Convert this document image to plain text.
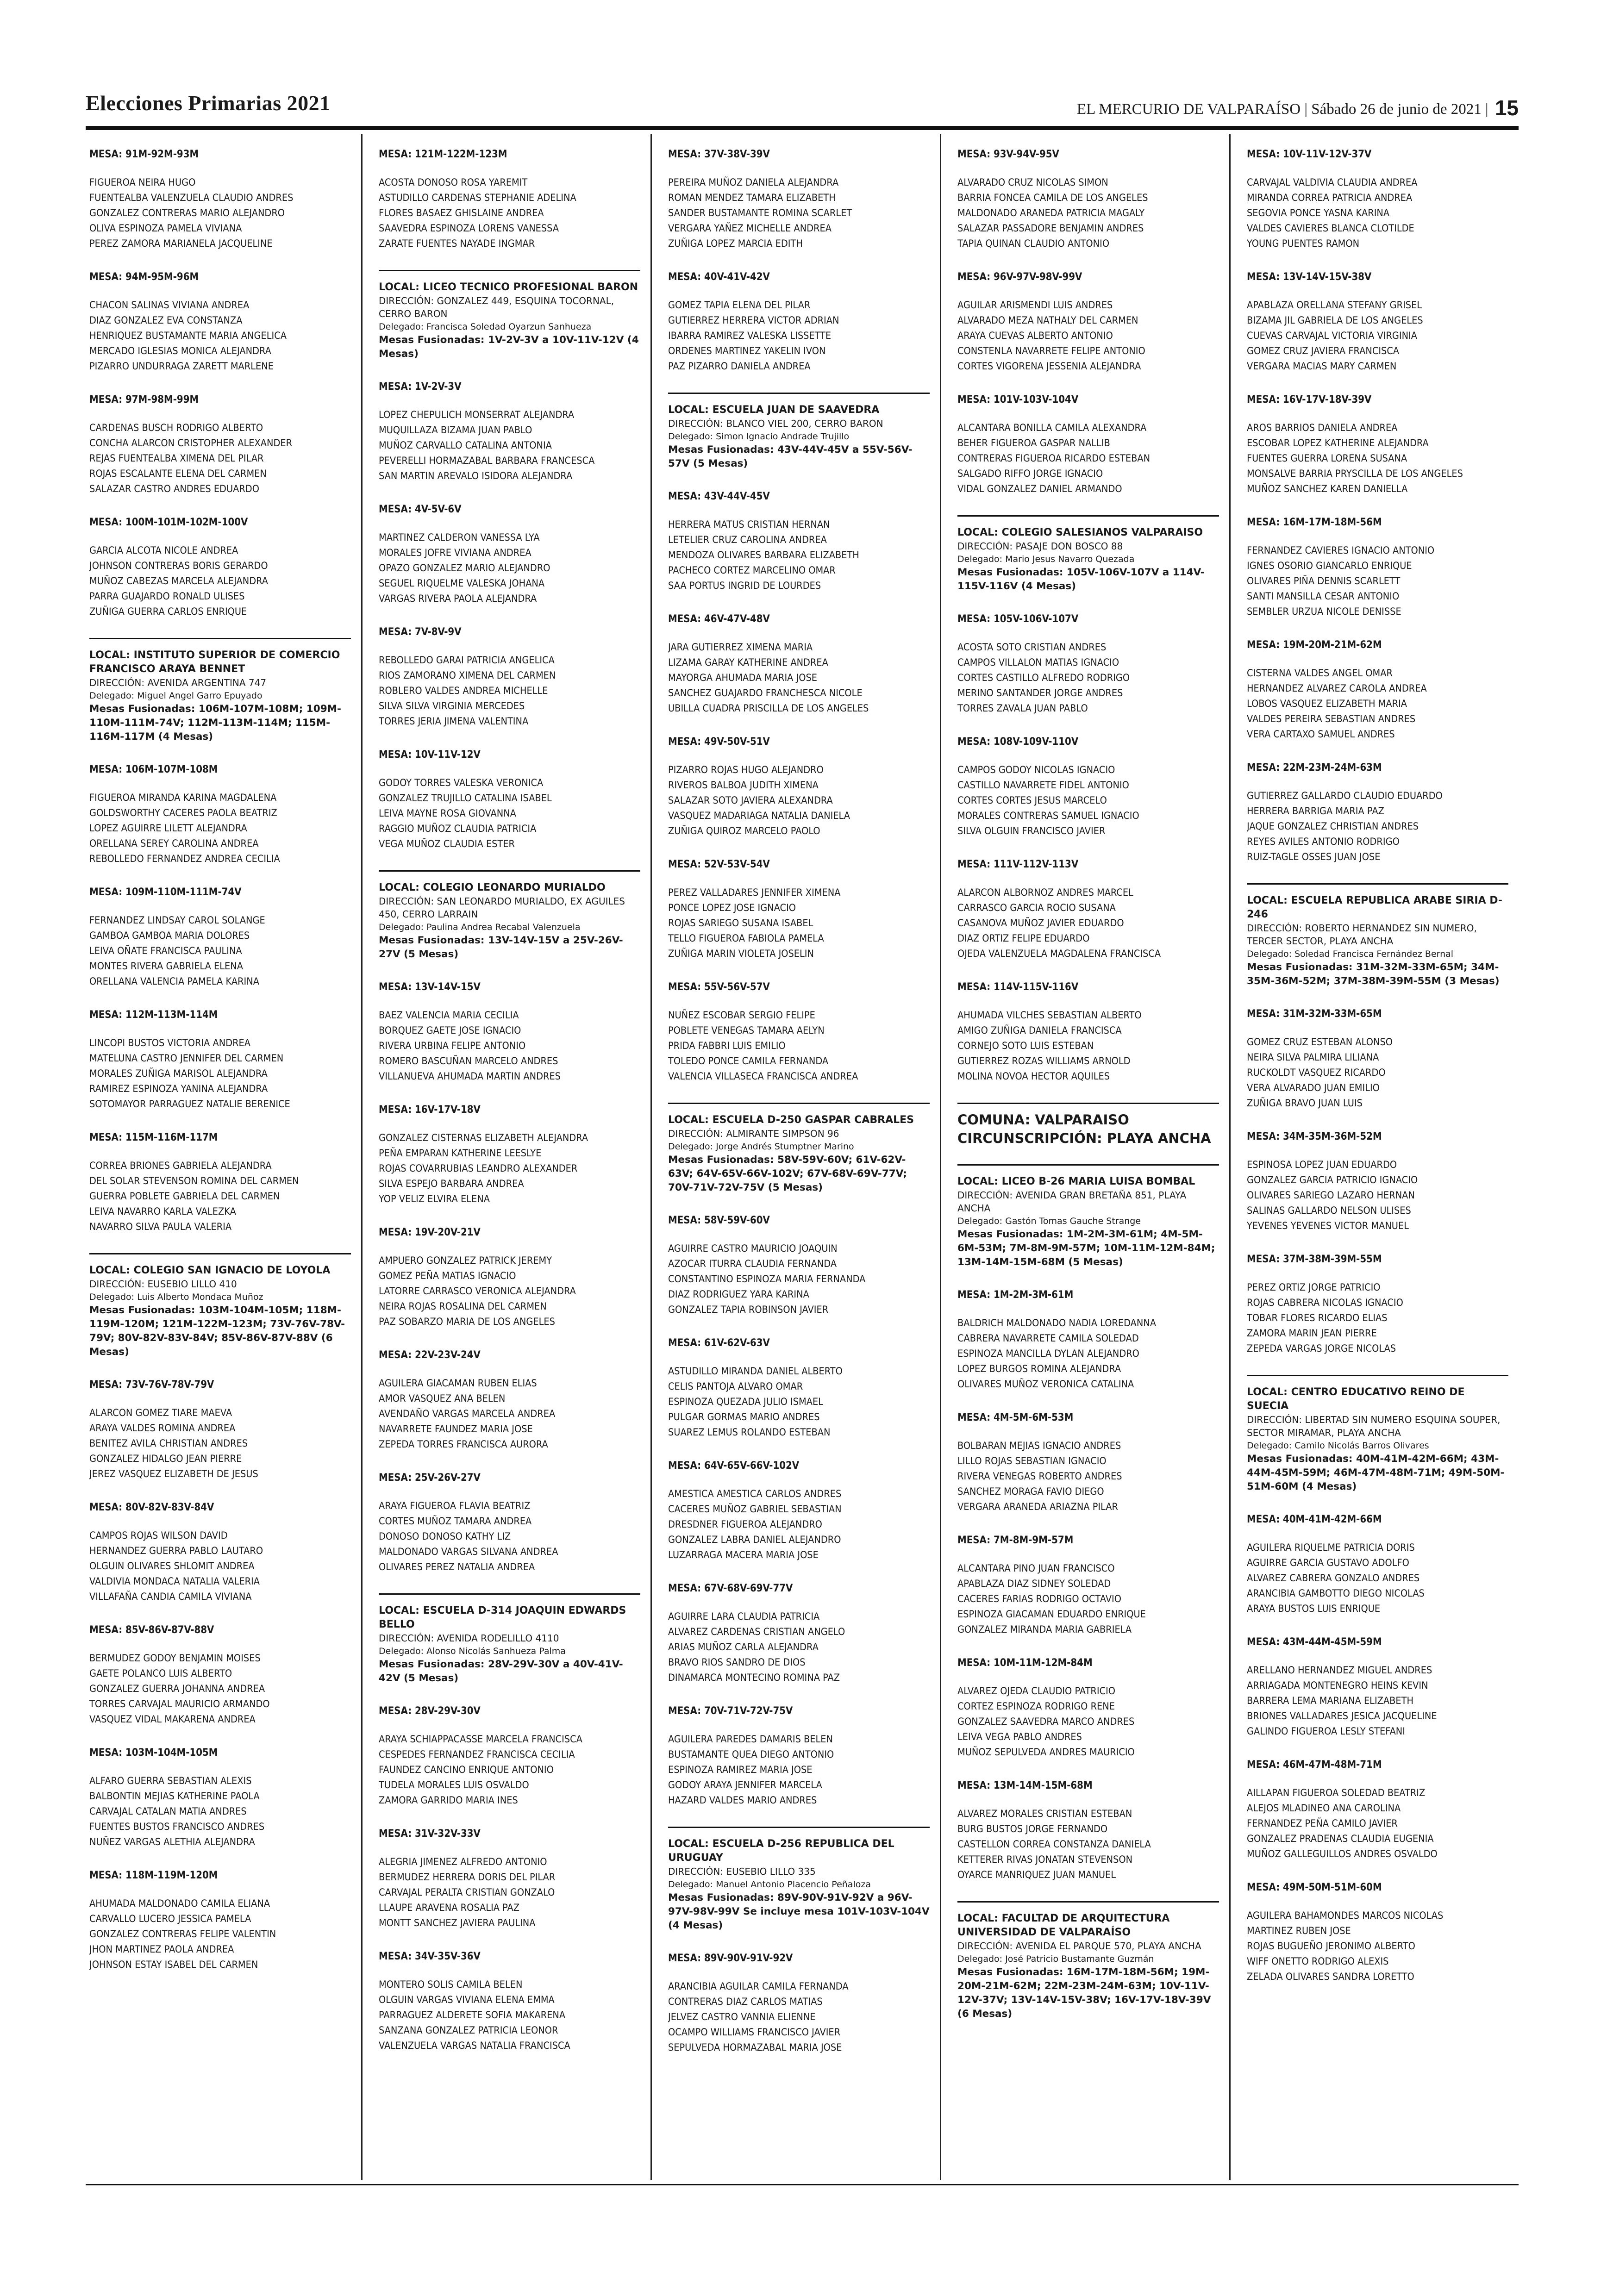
Elecciones Primarias 2021	EL MERCURIO DE VALPARAÍSO | Sábado 26 de junio de 2021 | 15
MESA: 91M-92M-93M
FIGUEROA NEIRA HUGO
FUENTEALBA VALENZUELA CLAUDIO ANDRES
GONZALEZ CONTRERAS MARIO ALEJANDRO
OLIVA ESPINOZA PAMELA VIVIANA
PEREZ ZAMORA MARIANELA JACQUELINE
MESA: 94M-95M-96M
CHACON SALINAS VIVIANA ANDREA
DIAZ GONZALEZ EVA CONSTANZA
HENRIQUEZ BUSTAMANTE MARIA ANGELICA
MERCADO IGLESIAS MONICA ALEJANDRA
PIZARRO UNDURRAGA ZARETT MARLENE
MESA: 97M-98M-99M
CARDENAS BUSCH RODRIGO ALBERTO
CONCHA ALARCON CRISTOPHER ALEXANDER
REJAS FUENTEALBA XIMENA DEL PILAR
ROJAS ESCALANTE ELENA DEL CARMEN
SALAZAR CASTRO ANDRES EDUARDO
MESA: 100M-101M-102M-100V
GARCIA ALCOTA NICOLE ANDREA
JOHNSON CONTRERAS BORIS GERARDO
MUÑOZ CABEZAS MARCELA ALEJANDRA
PARRA GUAJARDO RONALD ULISES
ZUÑIGA GUERRA CARLOS ENRIQUE
LOCAL: INSTITUTO SUPERIOR DE COMERCIO FRANCISCO ARAYA BENNET
DIRECCIÓN: AVENIDA ARGENTINA 747
Delegado: Miguel Angel Garro Epuyado
Mesas Fusionadas: 106M-107M-108M; 109M-110M-111M-74V; 112M-113M-114M; 115M-116M-117M (4 Mesas)
MESA: 106M-107M-108M
FIGUEROA MIRANDA KARINA MAGDALENA
GOLDSWORTHY CACERES PAOLA BEATRIZ
LOPEZ AGUIRRE LILETT ALEJANDRA
ORELLANA SEREY CAROLINA ANDREA
REBOLLEDO FERNANDEZ ANDREA CECILIA
MESA: 109M-110M-111M-74V
FERNANDEZ LINDSAY CAROL SOLANGE
GAMBOA GAMBOA MARIA DOLORES
LEIVA OÑATE FRANCISCA PAULINA
MONTES RIVERA GABRIELA ELENA
ORELLANA VALENCIA PAMELA KARINA
MESA: 112M-113M-114M
LINCOPI BUSTOS VICTORIA ANDREA
MATELUNA CASTRO JENNIFER DEL CARMEN
MORALES ZUÑIGA MARISOL ALEJANDRA
RAMIREZ ESPINOZA YANINA ALEJANDRA
SOTOMAYOR PARRAGUEZ NATALIE BERENICE
MESA: 115M-116M-117M
CORREA BRIONES GABRIELA ALEJANDRA
DEL SOLAR STEVENSON ROMINA DEL CARMEN
GUERRA POBLETE GABRIELA DEL CARMEN
LEIVA NAVARRO KARLA VALEZKA
NAVARRO SILVA PAULA VALERIA
LOCAL: COLEGIO SAN IGNACIO DE LOYOLA
DIRECCIÓN: EUSEBIO LILLO 410
Delegado: Luis Alberto Mondaca Muñoz
Mesas Fusionadas: 103M-104M-105M; 118M-119M-120M; 121M-122M-123M; 73V-76V-78V-79V; 80V-82V-83V-84V; 85V-86V-87V-88V (6 Mesas)
MESA: 73V-76V-78V-79V
ALARCON GOMEZ TIARE MAEVA
ARAYA VALDES ROMINA ANDREA
BENITEZ AVILA CHRISTIAN ANDRES
GONZALEZ HIDALGO JEAN PIERRE
JEREZ VASQUEZ ELIZABETH DE JESUS
MESA: 80V-82V-83V-84V
CAMPOS ROJAS WILSON DAVID
HERNANDEZ GUERRA PABLO LAUTARO
OLGUIN OLIVARES SHLOMIT ANDREA
VALDIVIA MONDACA NATALIA VALERIA
VILLAFAÑA CANDIA CAMILA VIVIANA
MESA: 85V-86V-87V-88V
BERMUDEZ GODOY BENJAMIN MOISES
GAETE POLANCO LUIS ALBERTO
GONZALEZ GUERRA JOHANNA ANDREA
TORRES CARVAJAL MAURICIO ARMANDO
VASQUEZ VIDAL MAKARENA ANDREA
MESA: 103M-104M-105M
ALFARO GUERRA SEBASTIAN ALEXIS
BALBONTIN MEJIAS KATHERINE PAOLA
CARVAJAL CATALAN MATIA ANDRES
FUENTES BUSTOS FRANCISCO ANDRES
NUÑEZ VARGAS ALETHIA ALEJANDRA
MESA: 118M-119M-120M
AHUMADA MALDONADO CAMILA ELIANA
CARVALLO LUCERO JESSICA PAMELA
GONZALEZ CONTRERAS FELIPE VALENTIN
JHON MARTINEZ PAOLA ANDREA
JOHNSON ESTAY ISABEL DEL CARMEN
MESA: 121M-122M-123M
ACOSTA DONOSO ROSA YAREMIT
ASTUDILLO CARDENAS STEPHANIE ADELINA
FLORES BASAEZ GHISLAINE ANDREA
SAAVEDRA ESPINOZA LORENS VANESSA
ZARATE FUENTES NAYADE INGMAR
LOCAL: LICEO TECNICO PROFESIONAL BARON
DIRECCIÓN: GONZALEZ 449, ESQUINA TOCORNAL, CERRO BARON
Delegado: Francisca Soledad Oyarzun Sanhueza
Mesas Fusionadas: 1V-2V-3V a 10V-11V-12V (4 Mesas)
MESA: 1V-2V-3V
LOPEZ CHEPULICH MONSERRAT ALEJANDRA
MUQUILLAZA BIZAMA JUAN PABLO
MUÑOZ CARVALLO CATALINA ANTONIA
PEVERELLI HORMAZABAL BARBARA FRANCESCA
SAN MARTIN AREVALO ISIDORA ALEJANDRA
MESA: 4V-5V-6V
MARTINEZ CALDERON VANESSA LYA
MORALES JOFRE VIVIANA ANDREA
OPAZO GONZALEZ MARIO ALEJANDRO
SEGUEL RIQUELME VALESKA JOHANA
VARGAS RIVERA PAOLA ALEJANDRA
MESA: 7V-8V-9V
REBOLLEDO GARAI PATRICIA ANGELICA
RIOS ZAMORANO XIMENA DEL CARMEN
ROBLERO VALDES ANDREA MICHELLE
SILVA SILVA VIRGINIA MERCEDES
TORRES JERIA JIMENA VALENTINA
MESA: 10V-11V-12V
GODOY TORRES VALESKA VERONICA
GONZALEZ TRUJILLO CATALINA ISABEL
LEIVA MAYNE ROSA GIOVANNA
RAGGIO MUÑOZ CLAUDIA PATRICIA
VEGA MUÑOZ CLAUDIA ESTER
LOCAL: COLEGIO LEONARDO MURIALDO
DIRECCIÓN: SAN LEONARDO MURIALDO, EX AGUILES 450, CERRO LARRAIN
Delegado: Paulina Andrea Recabal Valenzuela
Mesas Fusionadas: 13V-14V-15V a 25V-26V-27V (5 Mesas)
MESA: 13V-14V-15V
BAEZ VALENCIA MARIA CECILIA
BORQUEZ GAETE JOSE IGNACIO
RIVERA URBINA FELIPE ANTONIO
ROMERO BASCUÑAN MARCELO ANDRES
VILLANUEVA AHUMADA MARTIN ANDRES
MESA: 16V-17V-18V
GONZALEZ CISTERNAS ELIZABETH ALEJANDRA
PEÑA EMPARAN KATHERINE LEESLYE
ROJAS COVARRUBIAS LEANDRO ALEXANDER
SILVA ESPEJO BARBARA ANDREA
YOP VELIZ ELVIRA ELENA
MESA: 19V-20V-21V
AMPUERO GONZALEZ PATRICK JEREMY
GOMEZ PEÑA MATIAS IGNACIO
LATORRE CARRASCO VERONICA ALEJANDRA
NEIRA ROJAS ROSALINA DEL CARMEN
PAZ SOBARZO MARIA DE LOS ANGELES
MESA: 22V-23V-24V
AGUILERA GIACAMAN RUBEN ELIAS
AMOR VASQUEZ ANA BELEN
AVENDAÑO VARGAS MARCELA ANDREA
NAVARRETE FAUNDEZ MARIA JOSE
ZEPEDA TORRES FRANCISCA AURORA
MESA: 25V-26V-27V
ARAYA FIGUEROA FLAVIA BEATRIZ
CORTES MUÑOZ TAMARA ANDREA
DONOSO DONOSO KATHY LIZ
MALDONADO VARGAS SILVANA ANDREA
OLIVARES PEREZ NATALIA ANDREA
LOCAL: ESCUELA D-314 JOAQUIN EDWARDS BELLO
DIRECCIÓN: AVENIDA RODELILLO 4110
Delegado: Alonso Nicolás Sanhueza Palma
Mesas Fusionadas: 28V-29V-30V a 40V-41V-42V (5 Mesas)
MESA: 28V-29V-30V
ARAYA SCHIAPPACASSE MARCELA FRANCISCA
CESPEDES FERNANDEZ FRANCISCA CECILIA
FAUNDEZ CANCINO ENRIQUE ANTONIO
TUDELA MORALES LUIS OSVALDO
ZAMORA GARRIDO MARIA INES
MESA: 31V-32V-33V
ALEGRIA JIMENEZ ALFREDO ANTONIO
BERMUDEZ HERRERA DORIS DEL PILAR
CARVAJAL PERALTA CRISTIAN GONZALO
LLAUPE ARAVENA ROSALIA PAZ
MONTT SANCHEZ JAVIERA PAULINA
MESA: 34V-35V-36V
MONTERO SOLIS CAMILA BELEN
OLGUIN VARGAS VIVIANA ELENA EMMA
PARRAGUEZ ALDERETE SOFIA MAKARENA
SANZANA GONZALEZ PATRICIA LEONOR
VALENZUELA VARGAS NATALIA FRANCISCA
MESA: 37V-38V-39V
PEREIRA MUÑOZ DANIELA ALEJANDRA
ROMAN MENDEZ TAMARA ELIZABETH
SANDER BUSTAMANTE ROMINA SCARLET
VERGARA YAÑEZ MICHELLE ANDREA
ZUÑIGA LOPEZ MARCIA EDITH
MESA: 40V-41V-42V
GOMEZ TAPIA ELENA DEL PILAR
GUTIERREZ HERRERA VICTOR ADRIAN
IBARRA RAMIREZ VALESKA LISSETTE
ORDENES MARTINEZ YAKELIN IVON
PAZ PIZARRO DANIELA ANDREA
LOCAL: ESCUELA JUAN DE SAAVEDRA
DIRECCIÓN: BLANCO VIEL 200, CERRO BARON
Delegado: Simon Ignacio Andrade Trujillo
Mesas Fusionadas: 43V-44V-45V a 55V-56V-57V (5 Mesas)
MESA: 43V-44V-45V
HERRERA MATUS CRISTIAN HERNAN
LETELIER CRUZ CAROLINA ANDREA
MENDOZA OLIVARES BARBARA ELIZABETH
PACHECO CORTEZ MARCELINO OMAR
SAA PORTUS INGRID DE LOURDES
MESA: 46V-47V-48V
JARA GUTIERREZ XIMENA MARIA
LIZAMA GARAY KATHERINE ANDREA
MAYORGA AHUMADA MARIA JOSE
SANCHEZ GUAJARDO FRANCHESCA NICOLE
UBILLA CUADRA PRISCILLA DE LOS ANGELES
MESA: 49V-50V-51V
PIZARRO ROJAS HUGO ALEJANDRO
RIVEROS BALBOA JUDITH XIMENA
SALAZAR SOTO JAVIERA ALEXANDRA
VASQUEZ MADARIAGA NATALIA DANIELA
ZUÑIGA QUIROZ MARCELO PAOLO
MESA: 52V-53V-54V
PEREZ VALLADARES JENNIFER XIMENA
PONCE LOPEZ JOSE IGNACIO
ROJAS SARIEGO SUSANA ISABEL
TELLO FIGUEROA FABIOLA PAMELA
ZUÑIGA MARIN VIOLETA JOSELIN
MESA: 55V-56V-57V
NUÑEZ ESCOBAR SERGIO FELIPE
POBLETE VENEGAS TAMARA AELYN
PRIDA FABBRI LUIS EMILIO
TOLEDO PONCE CAMILA FERNANDA
VALENCIA VILLASECA FRANCISCA ANDREA
LOCAL: ESCUELA D-250 GASPAR CABRALES
DIRECCIÓN: ALMIRANTE SIMPSON 96
Delegado: Jorge Andrés Stumptner Marino
Mesas Fusionadas: 58V-59V-60V; 61V-62V-63V; 64V-65V-66V-102V; 67V-68V-69V-77V; 70V-71V-72V-75V (5 Mesas)
MESA: 58V-59V-60V
AGUIRRE CASTRO MAURICIO JOAQUIN
AZOCAR ITURRA CLAUDIA FERNANDA
CONSTANTINO ESPINOZA MARIA FERNANDA
DIAZ RODRIGUEZ YARA KARINA
GONZALEZ TAPIA ROBINSON JAVIER
MESA: 61V-62V-63V
ASTUDILLO MIRANDA DANIEL ALBERTO
CELIS PANTOJA ALVARO OMAR
ESPINOZA QUEZADA JULIO ISMAEL
PULGAR GORMAS MARIO ANDRES
SUAREZ LEMUS ROLANDO ESTEBAN
MESA: 64V-65V-66V-102V
AMESTICA AMESTICA CARLOS ANDRES
CACERES MUÑOZ GABRIEL SEBASTIAN
DRESDNER FIGUEROA ALEJANDRO
GONZALEZ LABRA DANIEL ALEJANDRO
LUZARRAGA MACERA MARIA JOSE
MESA: 67V-68V-69V-77V
AGUIRRE LARA CLAUDIA PATRICIA
ALVAREZ CARDENAS CRISTIAN ANGELO
ARIAS MUÑOZ CARLA ALEJANDRA
BRAVO RIOS SANDRO DE DIOS
DINAMARCA MONTECINO ROMINA PAZ
MESA: 70V-71V-72V-75V
AGUILERA PAREDES DAMARIS BELEN
BUSTAMANTE QUEA DIEGO ANTONIO
ESPINOZA RAMIREZ MARIA JOSE
GODOY ARAYA JENNIFER MARCELA
HAZARD VALDES MARIO ANDRES
LOCAL: ESCUELA D-256 REPUBLICA DEL URUGUAY
DIRECCIÓN: EUSEBIO LILLO 335
Delegado: Manuel Antonio Placencio Peñaloza
Mesas Fusionadas: 89V-90V-91V-92V a 96V-97V-98V-99V Se incluye mesa 101V-103V-104V (4 Mesas)
MESA: 89V-90V-91V-92V
ARANCIBIA AGUILAR CAMILA FERNANDA
CONTRERAS DIAZ CARLOS MATIAS
JELVEZ CASTRO VANNIA ELIENNE
OCAMPO WILLIAMS FRANCISCO JAVIER
SEPULVEDA HORMAZABAL MARIA JOSE
MESA: 93V-94V-95V
ALVARADO CRUZ NICOLAS SIMON
BARRIA FONCEA CAMILA DE LOS ANGELES
MALDONADO ARANEDA PATRICIA MAGALY
SALAZAR PASSADORE BENJAMIN ANDRES
TAPIA QUINAN CLAUDIO ANTONIO
MESA: 96V-97V-98V-99V
AGUILAR ARISMENDI LUIS ANDRES
ALVARADO MEZA NATHALY DEL CARMEN
ARAYA CUEVAS ALBERTO ANTONIO
CONSTENLA NAVARRETE FELIPE ANTONIO
CORTES VIGORENA JESSENIA ALEJANDRA
MESA: 101V-103V-104V
ALCANTARA BONILLA CAMILA ALEXANDRA
BEHER FIGUEROA GASPAR NALLIB
CONTRERAS FIGUEROA RICARDO ESTEBAN
SALGADO RIFFO JORGE IGNACIO
VIDAL GONZALEZ DANIEL ARMANDO
LOCAL: COLEGIO SALESIANOS VALPARAISO
DIRECCIÓN: PASAJE DON BOSCO 88
Delegado: Mario Jesus Navarro Quezada
Mesas Fusionadas: 105V-106V-107V a 114V-115V-116V (4 Mesas)
MESA: 105V-106V-107V
ACOSTA SOTO CRISTIAN ANDRES
CAMPOS VILLALON MATIAS IGNACIO
CORTES CASTILLO ALFREDO RODRIGO
MERINO SANTANDER JORGE ANDRES
TORRES ZAVALA JUAN PABLO
MESA: 108V-109V-110V
CAMPOS GODOY NICOLAS IGNACIO
CASTILLO NAVARRETE FIDEL ANTONIO
CORTES CORTES JESUS MARCELO
MORALES CONTRERAS SAMUEL IGNACIO
SILVA OLGUIN FRANCISCO JAVIER
MESA: 111V-112V-113V
ALARCON ALBORNOZ ANDRES MARCEL
CARRASCO GARCIA ROCIO SUSANA
CASANOVA MUÑOZ JAVIER EDUARDO
DIAZ ORTIZ FELIPE EDUARDO
OJEDA VALENZUELA MAGDALENA FRANCISCA
MESA: 114V-115V-116V
AHUMADA VILCHES SEBASTIAN ALBERTO
AMIGO ZUÑIGA DANIELA FRANCISCA
CORNEJO SOTO LUIS ESTEBAN
GUTIERREZ ROZAS WILLIAMS ARNOLD
MOLINA NOVOA HECTOR AQUILES
COMUNA: VALPARAISO
CIRCUNSCRIPCIÓN: PLAYA ANCHA
LOCAL: LICEO B-26 MARIA LUISA BOMBAL
DIRECCIÓN: AVENIDA GRAN BRETAÑA 851, PLAYA ANCHA
Delegado: Gastón Tomas Gauche Strange
Mesas Fusionadas: 1M-2M-3M-61M; 4M-5M-6M-53M; 7M-8M-9M-57M; 10M-11M-12M-84M; 13M-14M-15M-68M (5 Mesas)
MESA: 1M-2M-3M-61M
BALDRICH MALDONADO NADIA LOREDANNA
CABRERA NAVARRETE CAMILA SOLEDAD
ESPINOZA MANCILLA DYLAN ALEJANDRO
LOPEZ BURGOS ROMINA ALEJANDRA
OLIVARES MUÑOZ VERONICA CATALINA
MESA: 4M-5M-6M-53M
BOLBARAN MEJIAS IGNACIO ANDRES
LILLO ROJAS SEBASTIAN IGNACIO
RIVERA VENEGAS ROBERTO ANDRES
SANCHEZ MORAGA FAVIO DIEGO
VERGARA ARANEDA ARIAZNA PILAR
MESA: 7M-8M-9M-57M
ALCANTARA PINO JUAN FRANCISCO
APABLAZA DIAZ SIDNEY SOLEDAD
CACERES FARIAS RODRIGO OCTAVIO
ESPINOZA GIACAMAN EDUARDO ENRIQUE
GONZALEZ MIRANDA MARIA GABRIELA
MESA: 10M-11M-12M-84M
ALVAREZ OJEDA CLAUDIO PATRICIO
CORTEZ ESPINOZA RODRIGO RENE
GONZALEZ SAAVEDRA MARCO ANDRES
LEIVA VEGA PABLO ANDRES
MUÑOZ SEPULVEDA ANDRES MAURICIO
MESA: 13M-14M-15M-68M
ALVAREZ MORALES CRISTIAN ESTEBAN
BURG BUSTOS JORGE FERNANDO
CASTELLON CORREA CONSTANZA DANIELA
KETTERER RIVAS JONATAN STEVENSON
OYARCE MANRIQUEZ JUAN MANUEL
LOCAL: FACULTAD DE ARQUITECTURA UNIVERSIDAD DE VALPARAÍSO
DIRECCIÓN: AVENIDA EL PARQUE 570, PLAYA ANCHA
Delegado: José Patricio Bustamante Guzmán
Mesas Fusionadas: 16M-17M-18M-56M; 19M-20M-21M-62M; 22M-23M-24M-63M; 10V-11V-12V-37V; 13V-14V-15V-38V; 16V-17V-18V-39V (6 Mesas)
MESA: 10V-11V-12V-37V
CARVAJAL VALDIVIA CLAUDIA ANDREA
MIRANDA CORREA PATRICIA ANDREA
SEGOVIA PONCE YASNA KARINA
VALDES CAVIERES BLANCA CLOTILDE
YOUNG PUENTES RAMON
MESA: 13V-14V-15V-38V
APABLAZA ORELLANA STEFANY GRISEL
BIZAMA JIL GABRIELA DE LOS ANGELES
CUEVAS CARVAJAL VICTORIA VIRGINIA
GOMEZ CRUZ JAVIERA FRANCISCA
VERGARA MACIAS MARY CARMEN
MESA: 16V-17V-18V-39V
AROS BARRIOS DANIELA ANDREA
ESCOBAR LOPEZ KATHERINE ALEJANDRA
FUENTES GUERRA LORENA SUSANA
MONSALVE BARRIA PRYSCILLA DE LOS ANGELES
MUÑOZ SANCHEZ KAREN DANIELLA
MESA: 16M-17M-18M-56M
FERNANDEZ CAVIERES IGNACIO ANTONIO
IGNES OSORIO GIANCARLO ENRIQUE
OLIVARES PIÑA DENNIS SCARLETT
SANTI MANSILLA CESAR ANTONIO
SEMBLER URZUA NICOLE DENISSE
MESA: 19M-20M-21M-62M
CISTERNA VALDES ANGEL OMAR
HERNANDEZ ALVAREZ CAROLA ANDREA
LOBOS VASQUEZ ELIZABETH MARIA
VALDES PEREIRA SEBASTIAN ANDRES
VERA CARTAXO SAMUEL ANDRES
MESA: 22M-23M-24M-63M
GUTIERREZ GALLARDO CLAUDIO EDUARDO
HERRERA BARRIGA MARIA PAZ
JAQUE GONZALEZ CHRISTIAN ANDRES
REYES AVILES ANTONIO RODRIGO
RUIZ-TAGLE OSSES JUAN JOSE
LOCAL: ESCUELA REPUBLICA ARABE SIRIA D-246
DIRECCIÓN: ROBERTO HERNANDEZ SIN NUMERO, TERCER SECTOR, PLAYA ANCHA
Delegado: Soledad Francisca Fernández Bernal
Mesas Fusionadas: 31M-32M-33M-65M; 34M-35M-36M-52M; 37M-38M-39M-55M (3 Mesas)
MESA: 31M-32M-33M-65M
GOMEZ CRUZ ESTEBAN ALONSO
NEIRA SILVA PALMIRA LILIANA
RUCKOLDT VASQUEZ RICARDO
VERA ALVARADO JUAN EMILIO
ZUÑIGA BRAVO JUAN LUIS
MESA: 34M-35M-36M-52M
ESPINOSA LOPEZ JUAN EDUARDO
GONZALEZ GARCIA PATRICIO IGNACIO
OLIVARES SARIEGO LAZARO HERNAN
SALINAS GALLARDO NELSON ULISES
YEVENES YEVENES VICTOR MANUEL
MESA: 37M-38M-39M-55M
PEREZ ORTIZ JORGE PATRICIO
ROJAS CABRERA NICOLAS IGNACIO
TOBAR FLORES RICARDO ELIAS
ZAMORA MARIN JEAN PIERRE
ZEPEDA VARGAS JORGE NICOLAS
LOCAL: CENTRO EDUCATIVO REINO DE SUECIA
DIRECCIÓN: LIBERTAD SIN NUMERO ESQUINA SOUPER, SECTOR MIRAMAR, PLAYA ANCHA
Delegado: Camilo Nicolás Barros Olivares
Mesas Fusionadas: 40M-41M-42M-66M; 43M-44M-45M-59M; 46M-47M-48M-71M; 49M-50M-51M-60M (4 Mesas)
MESA: 40M-41M-42M-66M
AGUILERA RIQUELME PATRICIA DORIS
AGUIRRE GARCIA GUSTAVO ADOLFO
ALVAREZ CABRERA GONZALO ANDRES
ARANCIBIA GAMBOTTO DIEGO NICOLAS
ARAYA BUSTOS LUIS ENRIQUE
MESA: 43M-44M-45M-59M
ARELLANO HERNANDEZ MIGUEL ANDRES
ARRIAGADA MONTENEGRO HEINS KEVIN
BARRERA LEMA MARIANA ELIZABETH
BRIONES VALLADARES JESICA JACQUELINE
GALINDO FIGUEROA LESLY STEFANI
MESA: 46M-47M-48M-71M
AILLAPAN FIGUEROA SOLEDAD BEATRIZ
ALEJOS MLADINEO ANA CAROLINA
FERNANDEZ PEÑA CAMILO JAVIER
GONZALEZ PRADENAS CLAUDIA EUGENIA
MUÑOZ GALLEGUILLOS ANDRES OSVALDO
MESA: 49M-50M-51M-60M
AGUILERA BAHAMONDES MARCOS NICOLAS
MARTINEZ RUBEN JOSE
ROJAS BUGUEÑO JERONIMO ALBERTO
WIFF ONETTO RODRIGO ALEXIS
ZELADA OLIVARES SANDRA LORETTO
